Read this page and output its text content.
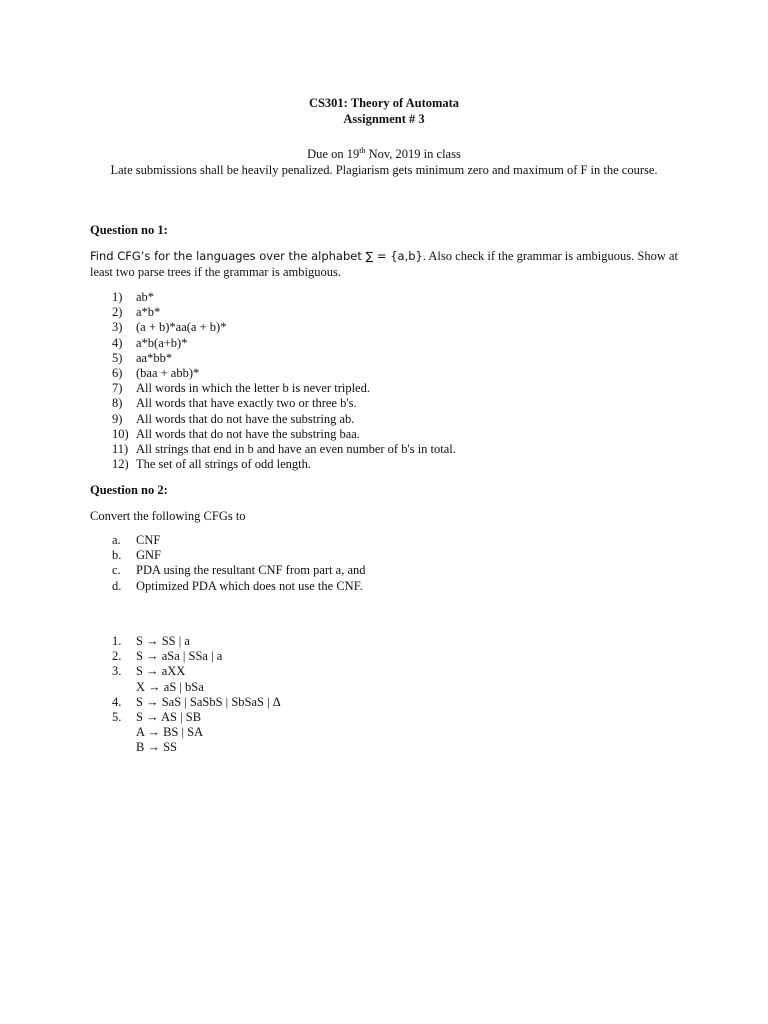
CS301: Theory of Automata
Assignment # 3
Due on 19th Nov, 2019 in class
Late submissions shall be heavily penalized. Plagiarism gets minimum zero and maximum of F in the course.
Question no 1:
Find CFG’s for the languages over the alphabet ∑ = {a,b}. Also check if the grammar is ambiguous. Show at least two parse trees if the grammar is ambiguous.
1) ab*
2) a*b*
3) (a + b)*aa(a + b)*
4) a*b(a+b)*
5) aa*bb*
6) (baa + abb)*
7) All words in which the letter b is never tripled.
8) All words that have exactly two or three b's.
9) All words that do not have the substring ab.
10) All words that do not have the substring baa.
11) All strings that end in b and have an even number of b's in total.
12) The set of all strings of odd length.
Question no 2:
Convert the following CFGs to
a. CNF
b. GNF
c. PDA using the resultant CNF from part a, and
d. Optimized PDA which does not use the CNF.
1. S → SS | a
2. S → aSa | SSa | a
3. S → aXX
X → aS | bSa
4. S → SaS | SaSbS | SbSaS | Δ
5. S → AS | SB
A → BS | SA
B → SS
